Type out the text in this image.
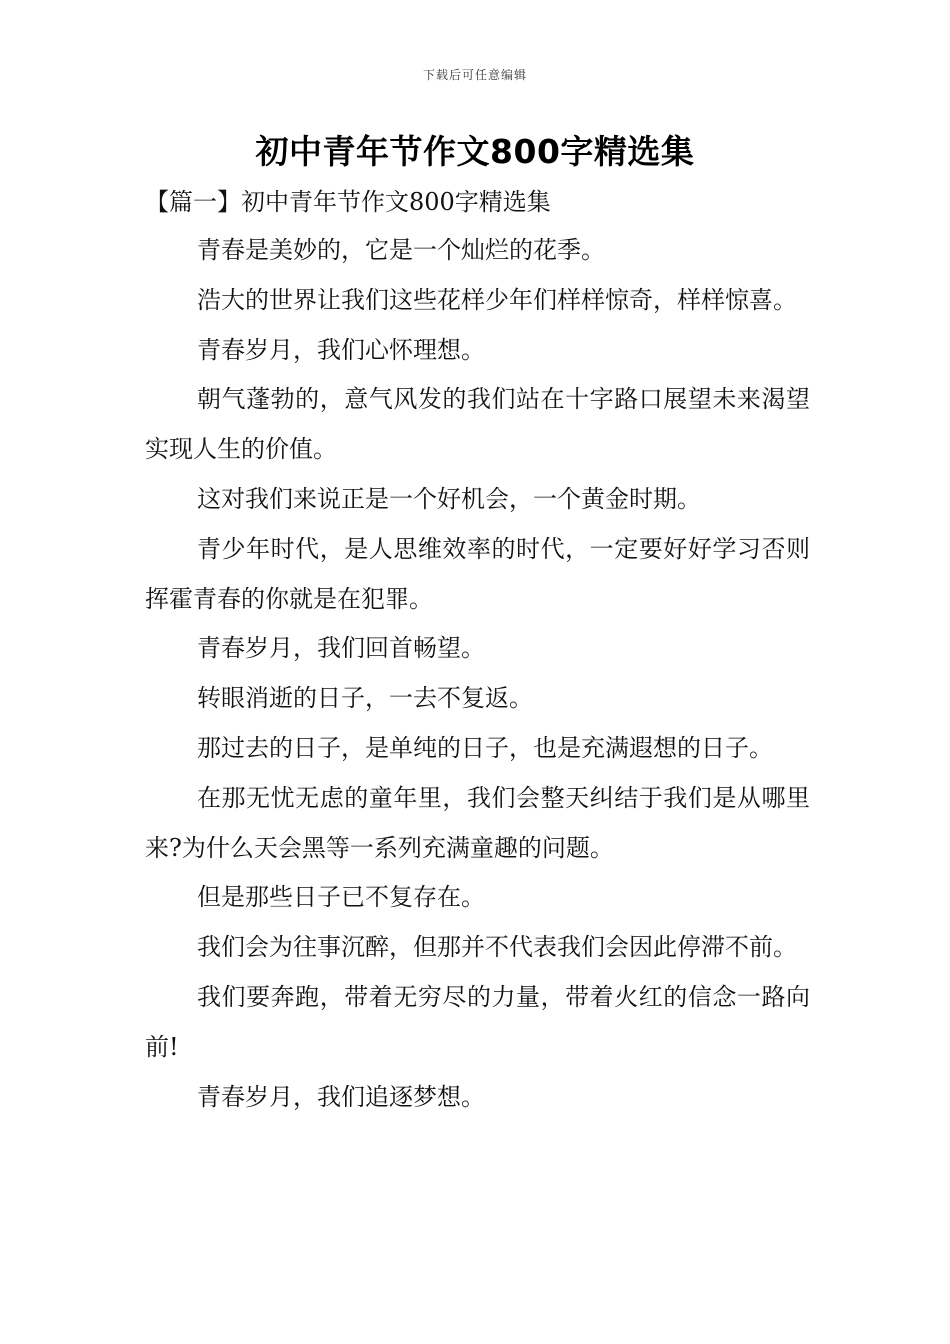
下载后可任意编辑
初中青年节作文800字精选集
【篇一】初中青年节作文800字精选集

青春是美妙的，它是一个灿烂的花季。

浩大的世界让我们这些花样少年们样样惊奇，样样惊喜。

青春岁月，我们心怀理想。

朝气蓬勃的，意气风发的我们站在十字路口展望未来渴望实现人生的价值。

这对我们来说正是一个好机会，一个黄金时期。

青少年时代，是人思维效率的时代，一定要好好学习否则挥霍青春的你就是在犯罪。

青春岁月，我们回首畅望。

转眼消逝的日子，一去不复返。

那过去的日子，是单纯的日子，也是充满遐想的日子。

在那无忧无虑的童年里，我们会整天纠结于我们是从哪里来?为什么天会黑等一系列充满童趣的问题。

但是那些日子已不复存在。

我们会为往事沉醉，但那并不代表我们会因此停滞不前。

我们要奔跑，带着无穷尽的力量，带着火红的信念一路向前!

青春岁月，我们追逐梦想。
